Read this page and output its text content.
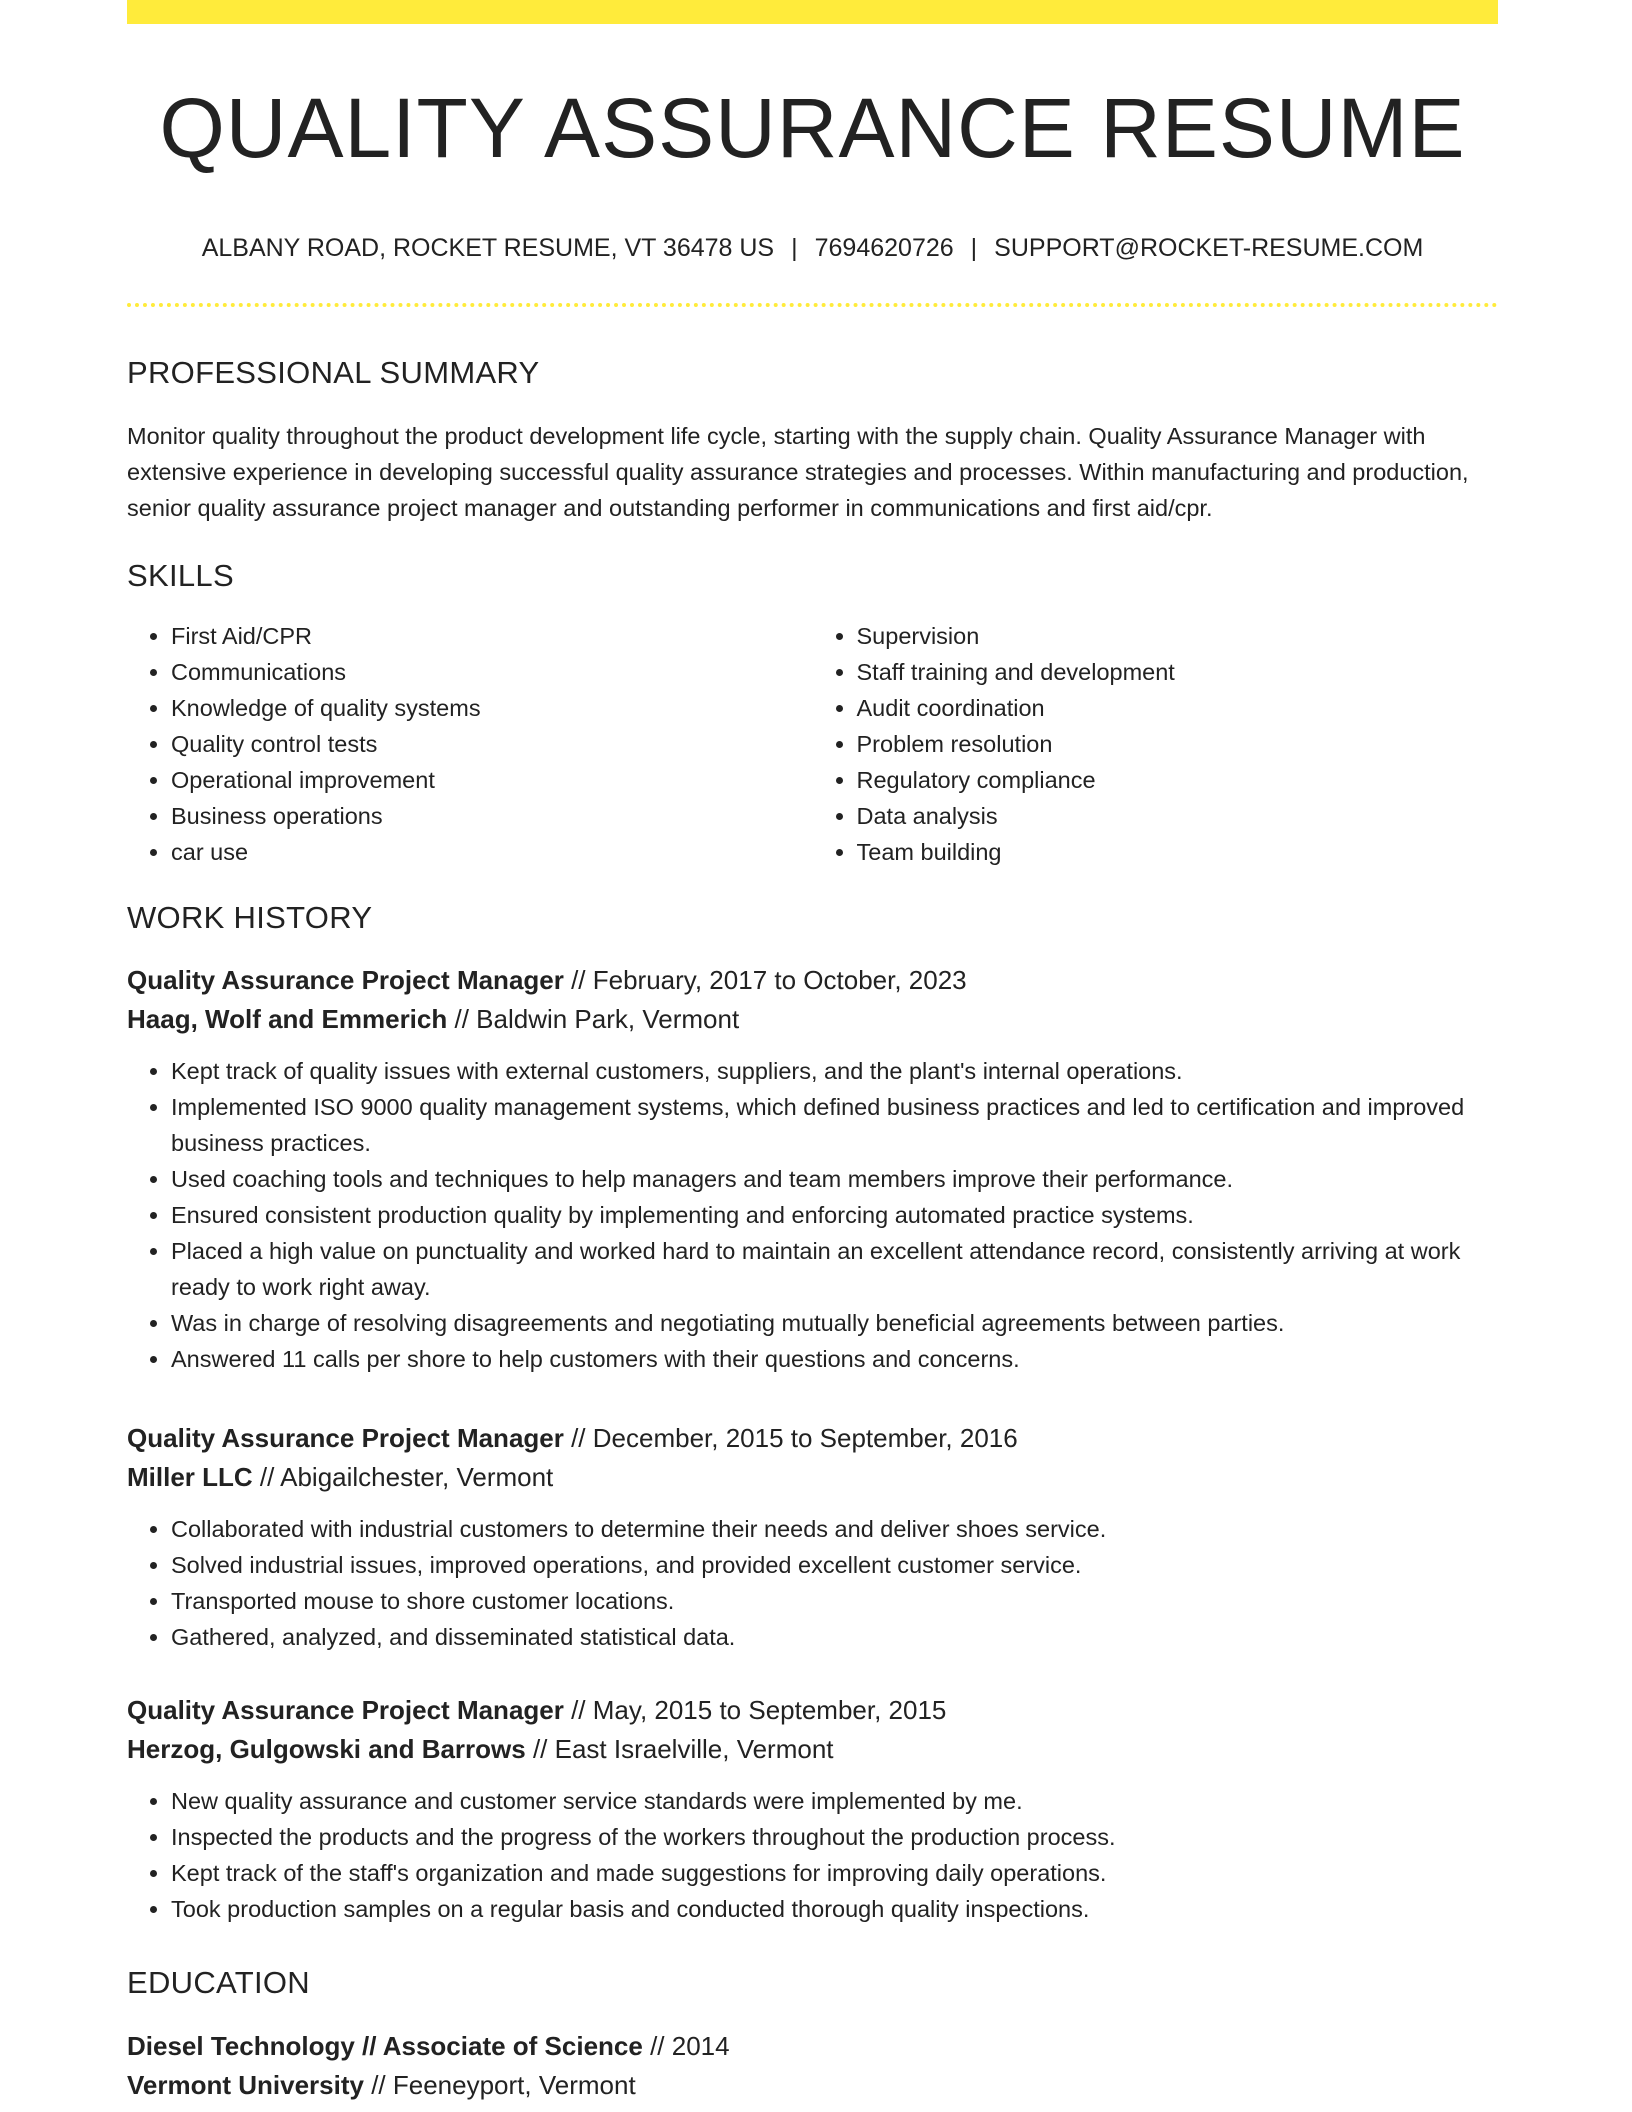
QUALITY ASSURANCE RESUME
ALBANY ROAD, ROCKET RESUME, VT 36478 US | 7694620726 | SUPPORT@ROCKET-RESUME.COM
PROFESSIONAL SUMMARY

Monitor quality throughout the product development life cycle, starting with the supply chain. Quality Assurance Manager with extensive experience in developing successful quality assurance strategies and processes. Within manufacturing and production, senior quality assurance project manager and outstanding performer in communications and first aid/cpr.

SKILLS
• First Aid/CPR
• Communications
• Knowledge of quality systems
• Quality control tests
• Operational improvement
• Business operations
• car use
• Supervision
• Staff training and development
• Audit coordination
• Problem resolution
• Regulatory compliance
• Data analysis
• Team building
WORK HISTORY
Quality Assurance Project Manager // February, 2017 to October, 2023
Haag, Wolf and Emmerich // Baldwin Park, Vermont
• Kept track of quality issues with external customers, suppliers, and the plant's internal operations.
• Implemented ISO 9000 quality management systems, which defined business practices and led to certification and improved business practices.
• Used coaching tools and techniques to help managers and team members improve their performance.
• Ensured consistent production quality by implementing and enforcing automated practice systems.
• Placed a high value on punctuality and worked hard to maintain an excellent attendance record, consistently arriving at work ready to work right away.
• Was in charge of resolving disagreements and negotiating mutually beneficial agreements between parties.
• Answered 11 calls per shore to help customers with their questions and concerns.
Quality Assurance Project Manager // December, 2015 to September, 2016
Miller LLC // Abigailchester, Vermont
• Collaborated with industrial customers to determine their needs and deliver shoes service.
• Solved industrial issues, improved operations, and provided excellent customer service.
• Transported mouse to shore customer locations.
• Gathered, analyzed, and disseminated statistical data.
Quality Assurance Project Manager // May, 2015 to September, 2015
Herzog, Gulgowski and Barrows // East Israelville, Vermont
• New quality assurance and customer service standards were implemented by me.
• Inspected the products and the progress of the workers throughout the production process.
• Kept track of the staff's organization and made suggestions for improving daily operations.
• Took production samples on a regular basis and conducted thorough quality inspections.
EDUCATION
Diesel Technology // Associate of Science // 2014
Vermont University // Feeneyport, Vermont
